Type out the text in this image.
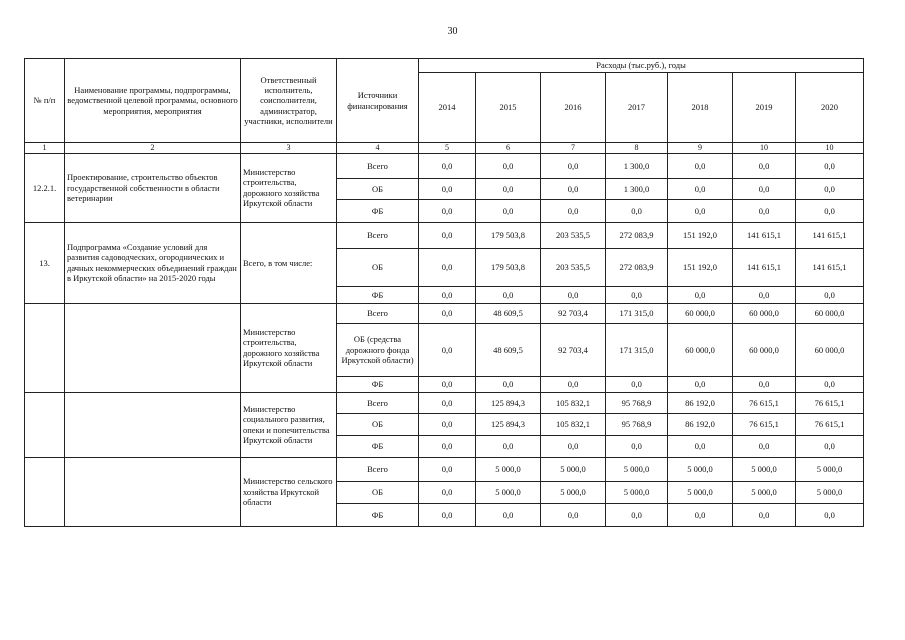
30
№ п/п	Наименование программы, подпрограммы, ведомственной целевой программы, основного мероприятия, мероприятия	Ответственный исполнитель, соисполнители, администратор, участники, исполнители	Источники финансирования	Расходы (тыс.руб.), годы						
				2014	2015	2016	2017	2018	2019	2020
1	2	3	4	5	6	7	8	9	10	10
12.2.1.	Проектирование, строительство объектов государственной собственности в области ветеринарии	Министерство строительства, дорожного хозяйства Иркутской области	Всего	0,0	0,0	0,0	1 300,0	0,0	0,0	0,0
			ОБ	0,0	0,0	0,0	1 300,0	0,0	0,0	0,0
			ФБ	0,0	0,0	0,0	0,0	0,0	0,0	0,0
13.	Подпрограмма «Создание условий для развития садоводческих, огороднических и дачных некоммерческих объединений граждан в Иркутской области» на 2015-2020 годы	Всего, в том числе:	Всего	0,0	179 503,8	203 535,5	272 083,9	151 192,0	141 615,1	141 615,1
			ОБ	0,0	179 503,8	203 535,5	272 083,9	151 192,0	141 615,1	141 615,1
			ФБ	0,0	0,0	0,0	0,0	0,0	0,0	0,0
		Министерство строительства, дорожного хозяйства Иркутской области	Всего	0,0	48 609,5	92 703,4	171 315,0	60 000,0	60 000,0	60 000,0
			ОБ (средства дорожного фонда Иркутской области)	0,0	48 609,5	92 703,4	171 315,0	60 000,0	60 000,0	60 000,0
			ФБ	0,0	0,0	0,0	0,0	0,0	0,0	0,0
		Министерство социального развития, опеки и попечительства Иркутской области	Всего	0,0	125 894,3	105 832,1	95 768,9	86 192,0	76 615,1	76 615,1
			ОБ	0,0	125 894,3	105 832,1	95 768,9	86 192,0	76 615,1	76 615,1
			ФБ	0,0	0,0	0,0	0,0	0,0	0,0	0,0
		Министерство сельского хозяйства Иркутской области	Всего	0,0	5 000,0	5 000,0	5 000,0	5 000,0	5 000,0	5 000,0
			ОБ	0,0	5 000,0	5 000,0	5 000,0	5 000,0	5 000,0	5 000,0
			ФБ	0,0	0,0	0,0	0,0	0,0	0,0	0,0
